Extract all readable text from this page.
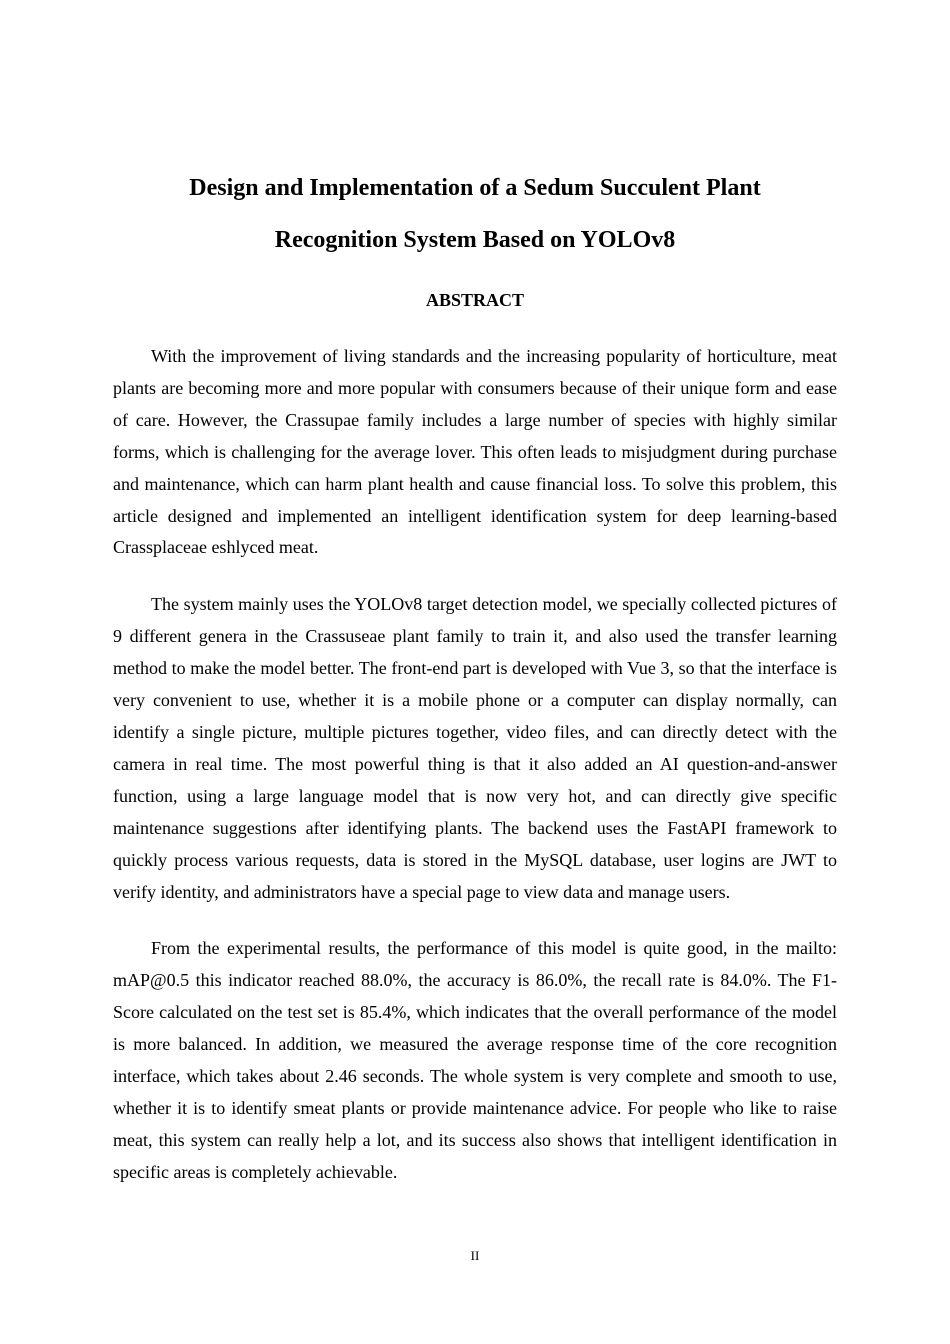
Design and Implementation of a Sedum Succulent Plant
Recognition System Based on YOLOv8
ABSTRACT

With the improvement of living standards and the increasing popularity of horticulture, meat plants are becoming more and more popular with consumers because of their unique form and ease of care. However, the Crassupae family includes a large number of species with highly similar forms, which is challenging for the average lover. This often leads to misjudgment during purchase and maintenance, which can harm plant health and cause financial loss. To solve this problem, this article designed and implemented an intelligent identification system for deep learning-based Crassplaceae eshlyced meat.

The system mainly uses the YOLOv8 target detection model, we specially collected pictures of 9 different genera in the Crassuseae plant family to train it, and also used the transfer learning method to make the model better. The front-end part is developed with Vue 3, so that the interface is very convenient to use, whether it is a mobile phone or a computer can display normally, can identify a single picture, multiple pictures together, video files, and can directly detect with the camera in real time. The most powerful thing is that it also added an AI question-and-answer function, using a large language model that is now very hot, and can directly give specific maintenance suggestions after identifying plants. The backend uses the FastAPI framework to quickly process various requests, data is stored in the MySQL database, user logins are JWT to verify identity, and administrators have a special page to view data and manage users.

From the experimental results, the performance of this model is quite good, in the mailto: mAP@0.5 this indicator reached 88.0%, the accuracy is 86.0%, the recall rate is 84.0%. The F1-Score calculated on the test set is 85.4%, which indicates that the overall performance of the model is more balanced. In addition, we measured the average response time of the core recognition interface, which takes about 2.46 seconds. The whole system is very complete and smooth to use, whether it is to identify smeat plants or provide maintenance advice. For people who like to raise meat, this system can really help a lot, and its success also shows that intelligent identification in specific areas is completely achievable.

II
